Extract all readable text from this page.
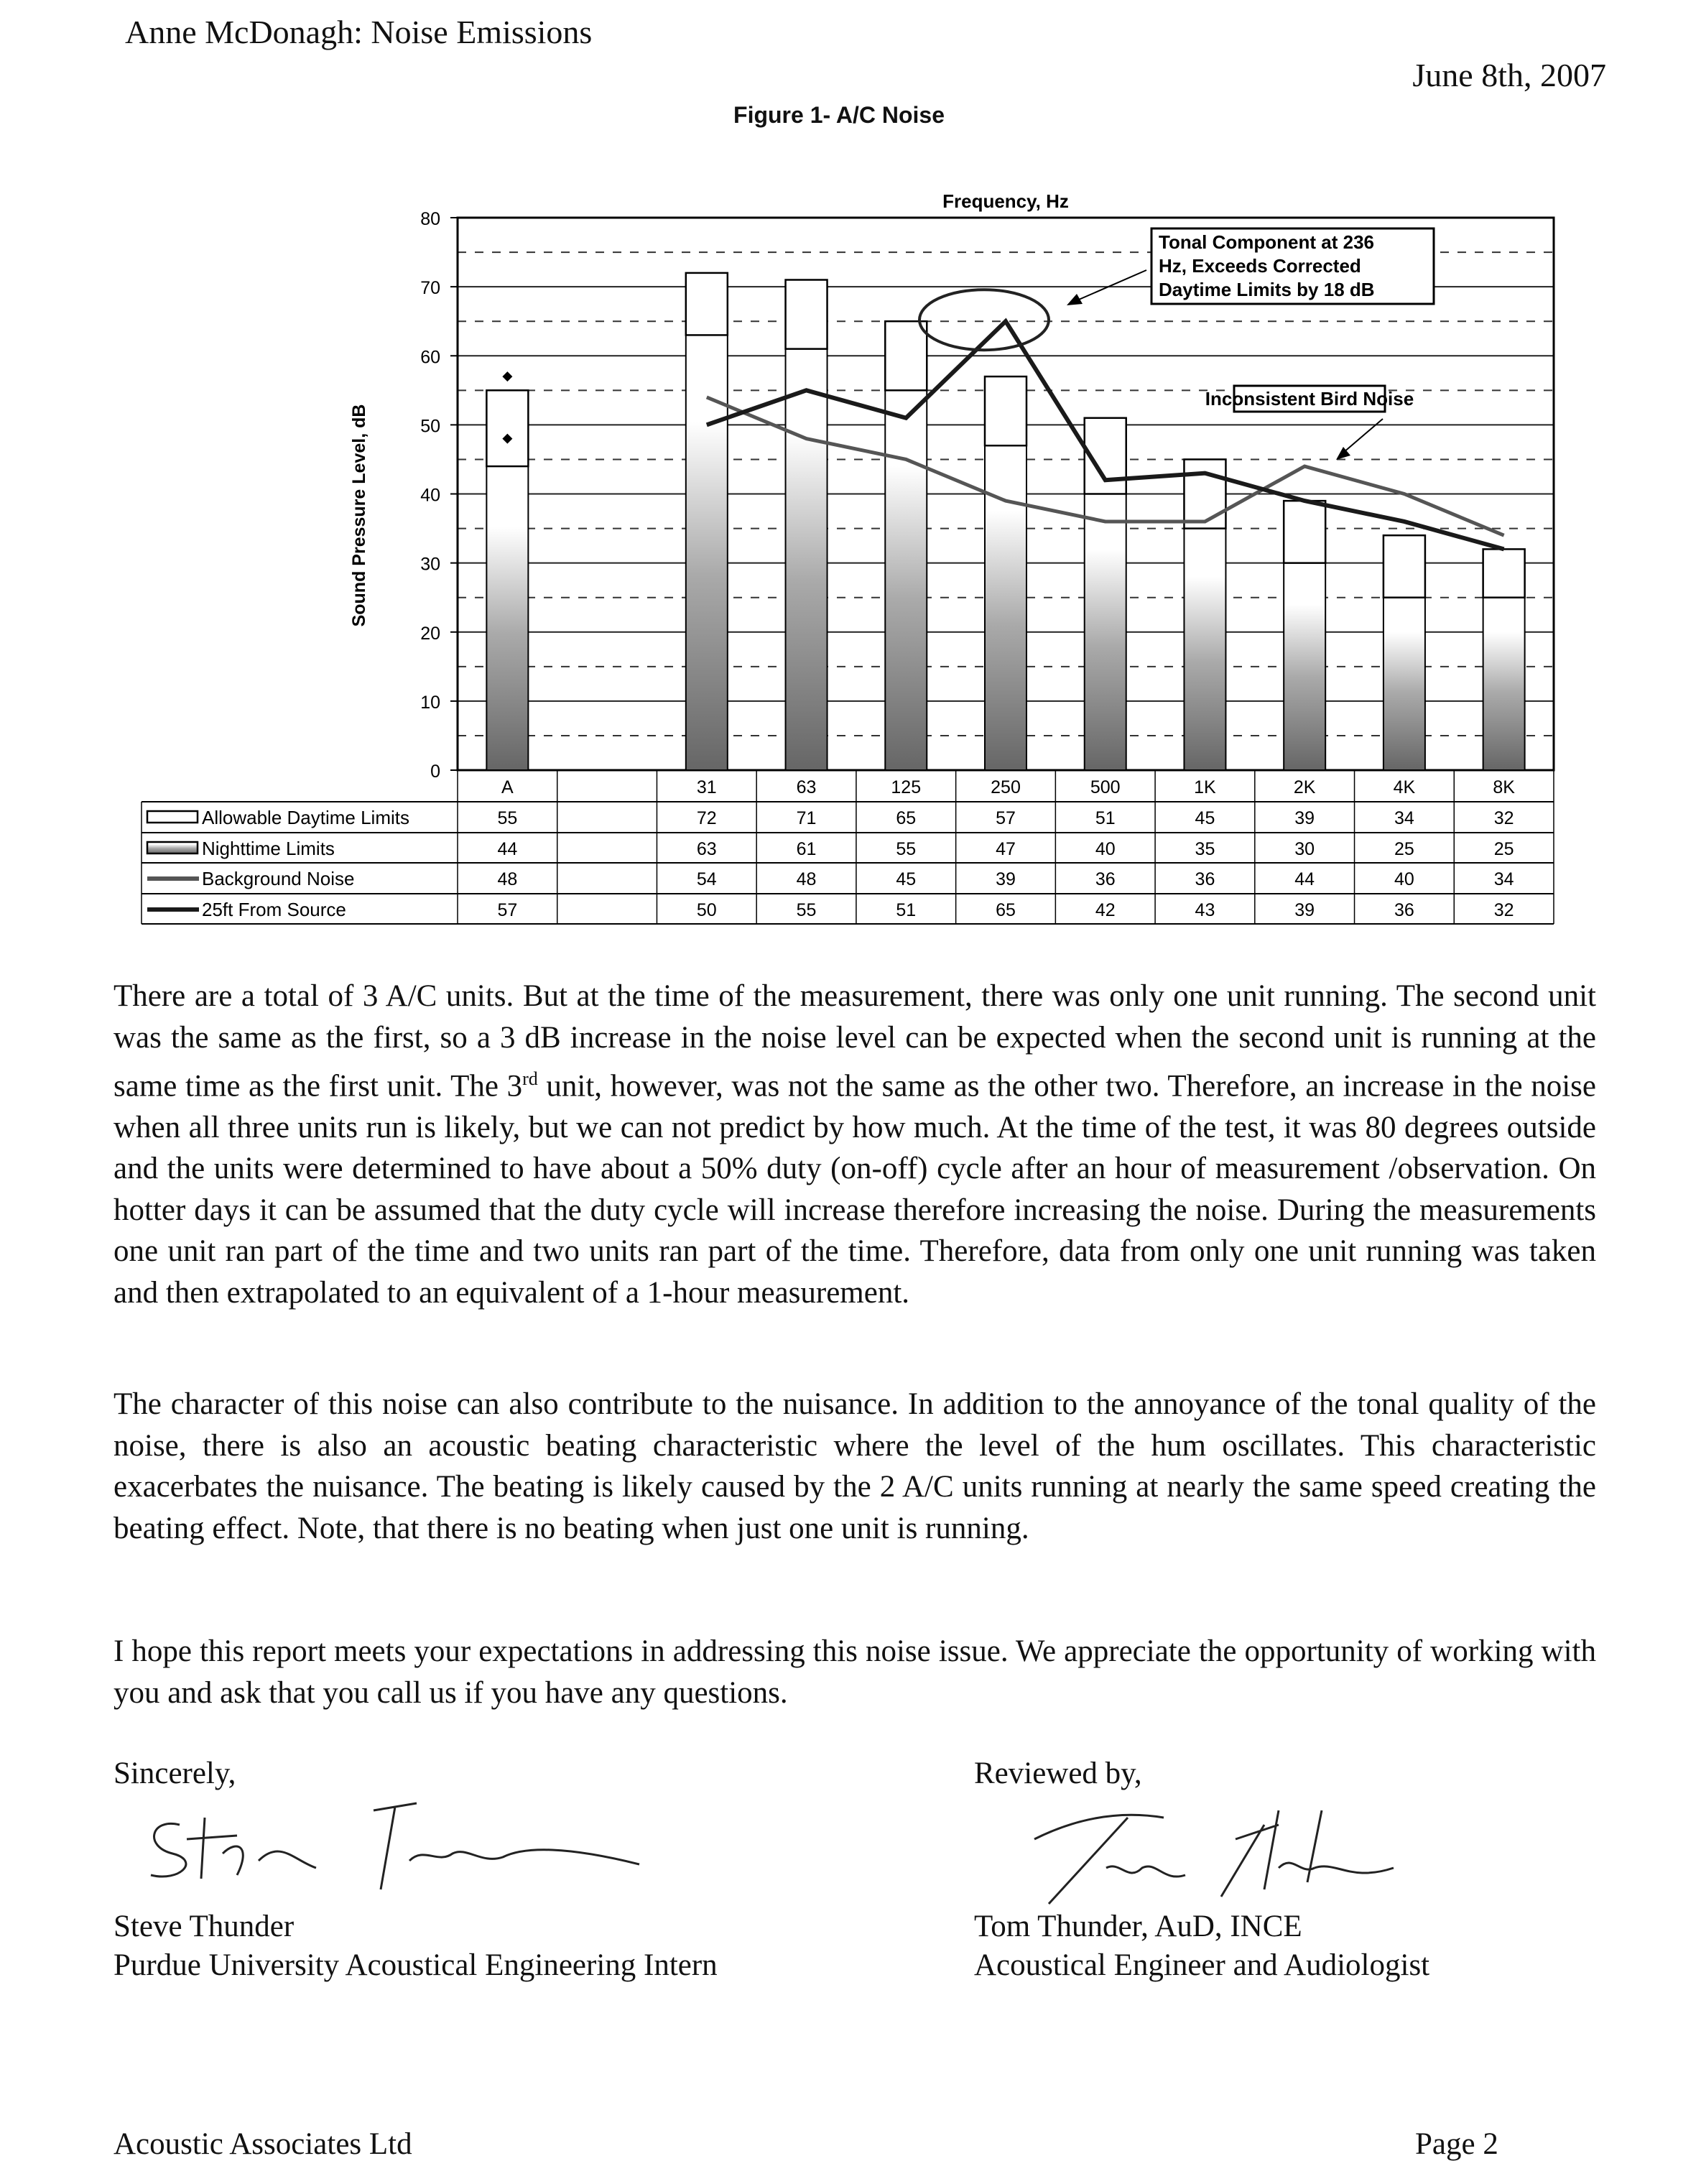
Anne McDonagh: Noise Emissions
June 8th, 2007
Figure 1- A/C Noise
0
10
20
30
40
50
60
70
80
Frequency, Hz
Sound Pressure Level, dB
Tonal Component at 236
Hz, Exceeds Corrected
Daytime Limits by 18 dB
Inconsistent Bird Noise
A	31	63	125	250	500	1K	2K	4K	8K
Allowable Daytime Limits	55	72	71	65	57	51	45	39	34	32
Nighttime Limits	44	63	61	55	47	40	35	30	25	25
Background Noise	48	54	48	45	39	36	36	44	40	34
25ft From Source	57	50	55	51	65	42	43	39	36	32
There are a total of 3 A/C units. But at the time of the measurement, there was only one unit running. The second unit was the same as the first, so a 3 dB increase in the noise level can be expected when the second unit is running at the same time as the first unit. The 3rd unit, however, was not the same as the other two. Therefore, an increase in the noise when all three units run is likely, but we can not predict by how much. At the time of the test, it was 80 degrees outside and the units were determined to have about a 50% duty (on-off) cycle after an hour of measurement /observation. On hotter days it can be assumed that the duty cycle will increase therefore increasing the noise. During the measurements one unit ran part of the time and two units ran part of the time. Therefore, data from only one unit running was taken and then extrapolated to an equivalent of a 1-hour measurement.
The character of this noise can also contribute to the nuisance. In addition to the annoyance of the tonal quality of the noise, there is also an acoustic beating characteristic where the level of the hum oscillates. This characteristic exacerbates the nuisance. The beating is likely caused by the 2 A/C units running at nearly the same speed creating the beating effect. Note, that there is no beating when just one unit is running.
I hope this report meets your expectations in addressing this noise issue. We appreciate the opportunity of working with you and ask that you call us if you have any questions.
Sincerely,	Reviewed by,
Steve Thunder
Purdue University Acoustical Engineering Intern
Tom Thunder, AuD, INCE
Acoustical Engineer and Audiologist
Acoustic Associates Ltd	Page 2
